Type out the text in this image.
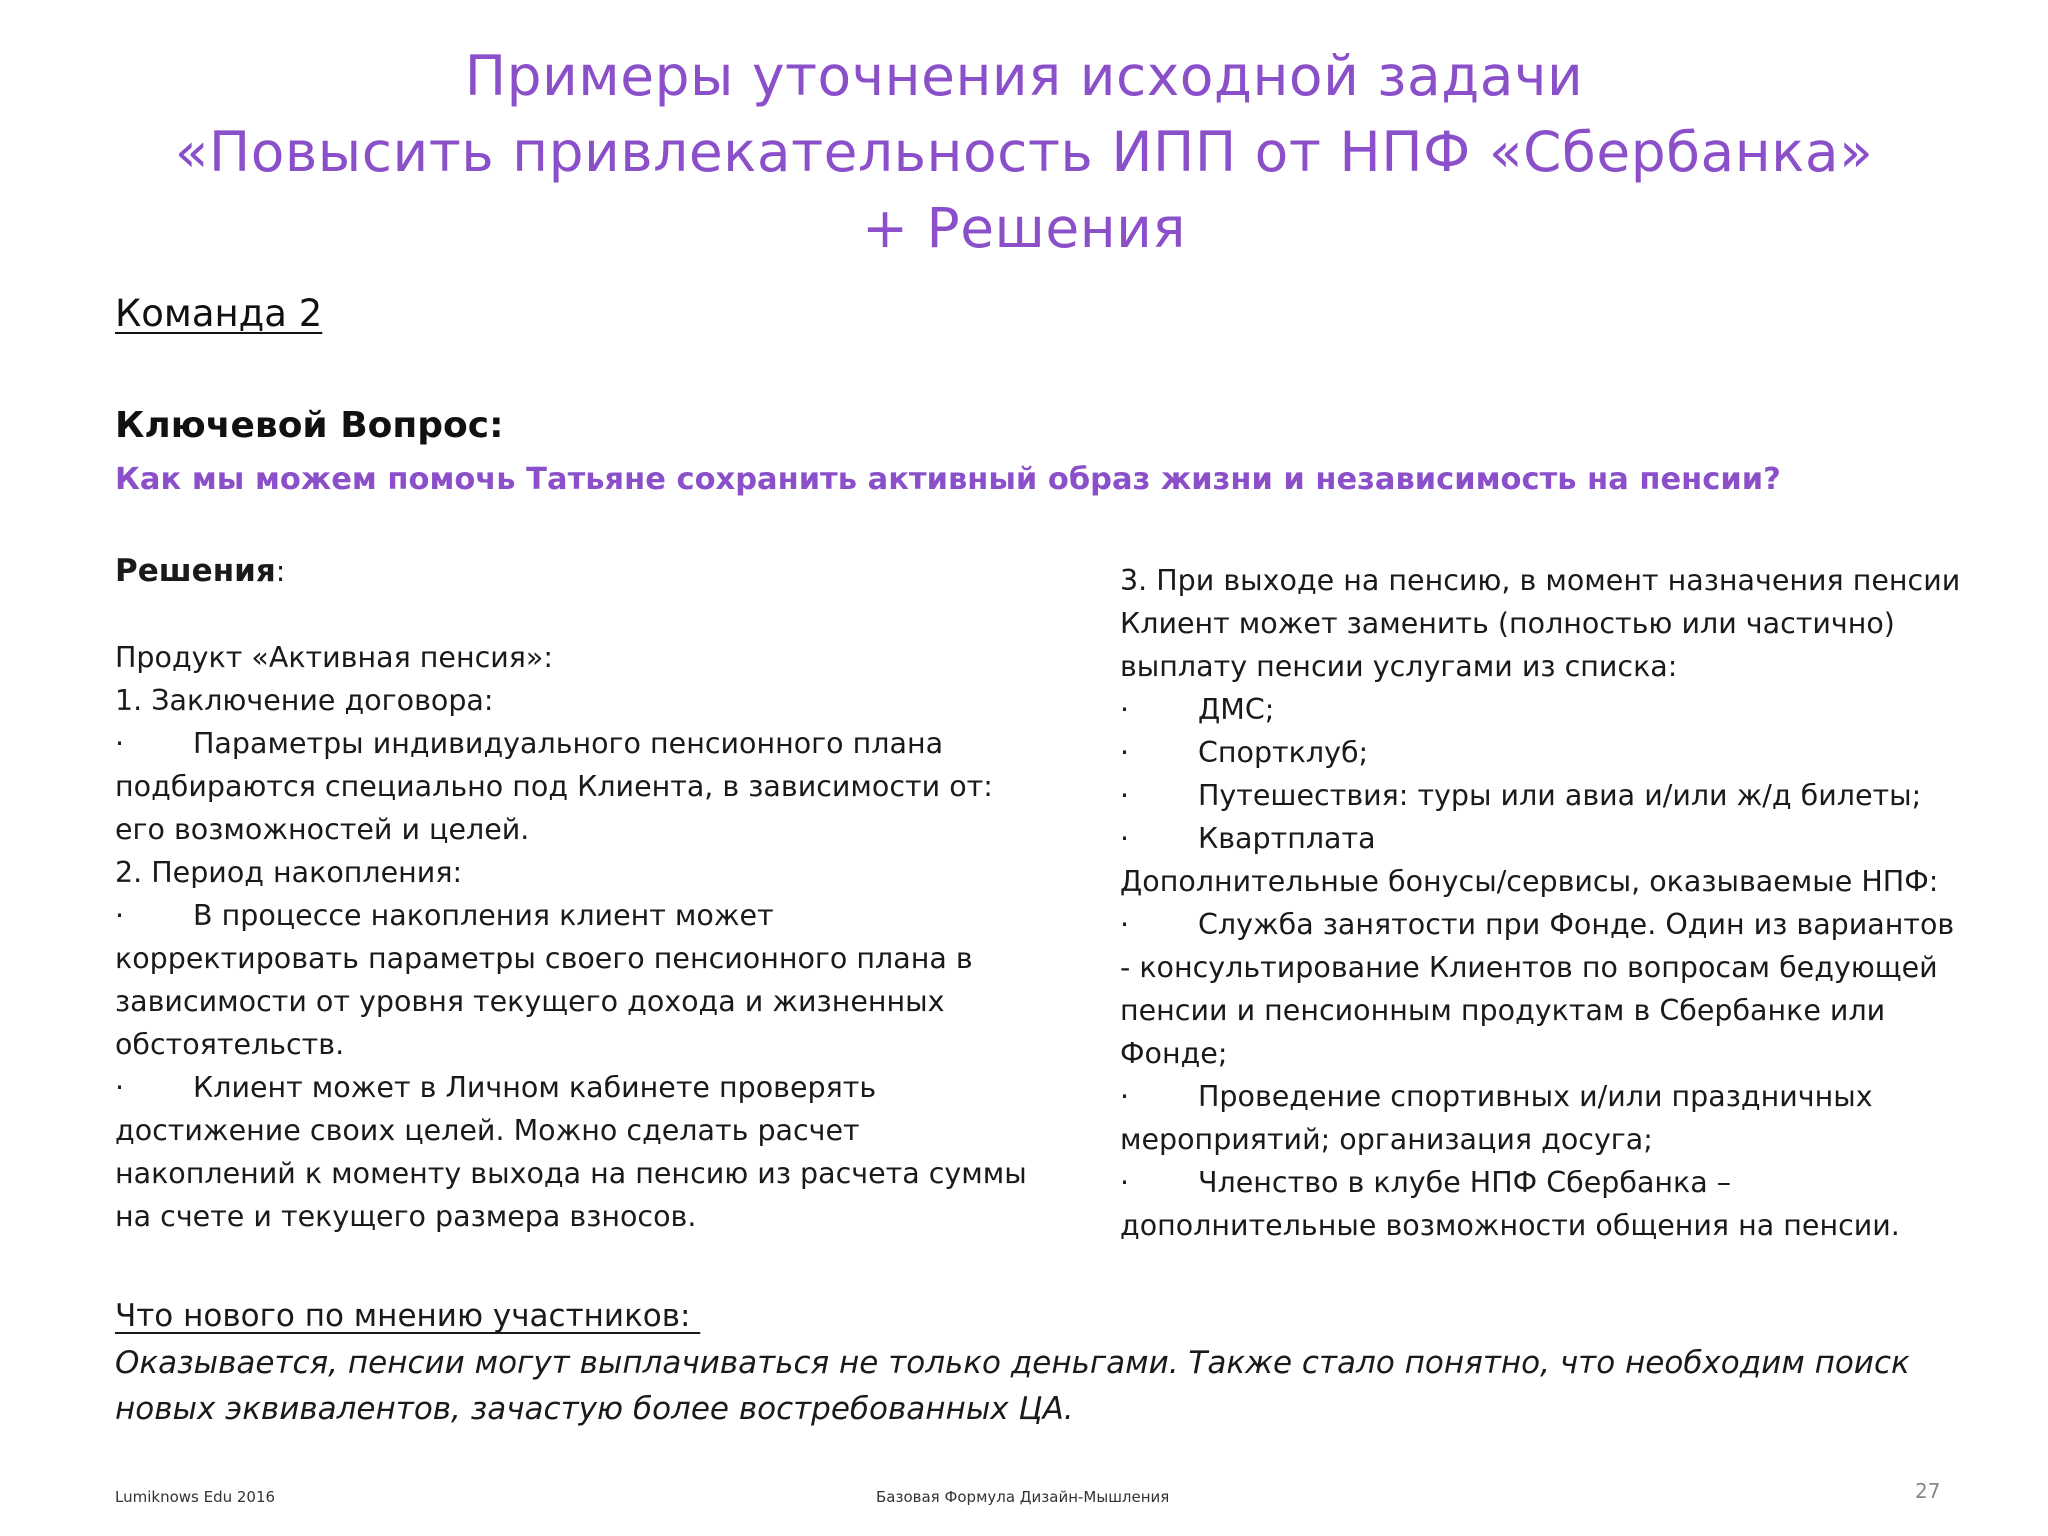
Примеры уточнения исходной задачи
«Повысить привлекательность ИПП от НПФ «Сбербанка»
+ Решения
Команда 2
Ключевой Вопрос:
Как мы можем помочь Татьяне сохранить активный образ жизни и независимость на пенсии?
Решения:
Продукт «Активная пенсия»:
1. Заключение договора:
· Параметры индивидуального пенсионного плана
подбираются специально под Клиента, в зависимости от:
его возможностей и целей.
2. Период накопления:
· В процессе накопления клиент может
корректировать параметры своего пенсионного плана в
зависимости от уровня текущего дохода и жизненных
обстоятельств.
· Клиент может в Личном кабинете проверять
достижение своих целей. Можно сделать расчет
накоплений к моменту выхода на пенсию из расчета суммы
на счете и текущего размера взносов.
3. При выходе на пенсию, в момент назначения пенсии
Клиент может заменить (полностью или частично)
выплату пенсии услугами из списка:
· ДМС;
· Спортклуб;
· Путешествия: туры или авиа и/или ж/д билеты;
· Квартплата
Дополнительные бонусы/сервисы, оказываемые НПФ:
· Служба занятости при Фонде. Один из вариантов
- консультирование Клиентов по вопросам бедующей
пенсии и пенсионным продуктам в Сбербанке или
Фонде;
· Проведение спортивных и/или праздничных
мероприятий; организация досуга;
· Членство в клубе НПФ Сбербанка –
дополнительные возможности общения на пенсии.
Что нового по мнению участников:
Оказывается, пенсии могут выплачиваться не только деньгами. Также стало понятно, что необходим поиск
новых эквивалентов, зачастую более востребованных ЦА.
Lumiknows Edu 2016	Базовая Формула Дизайн-Мышления	27
